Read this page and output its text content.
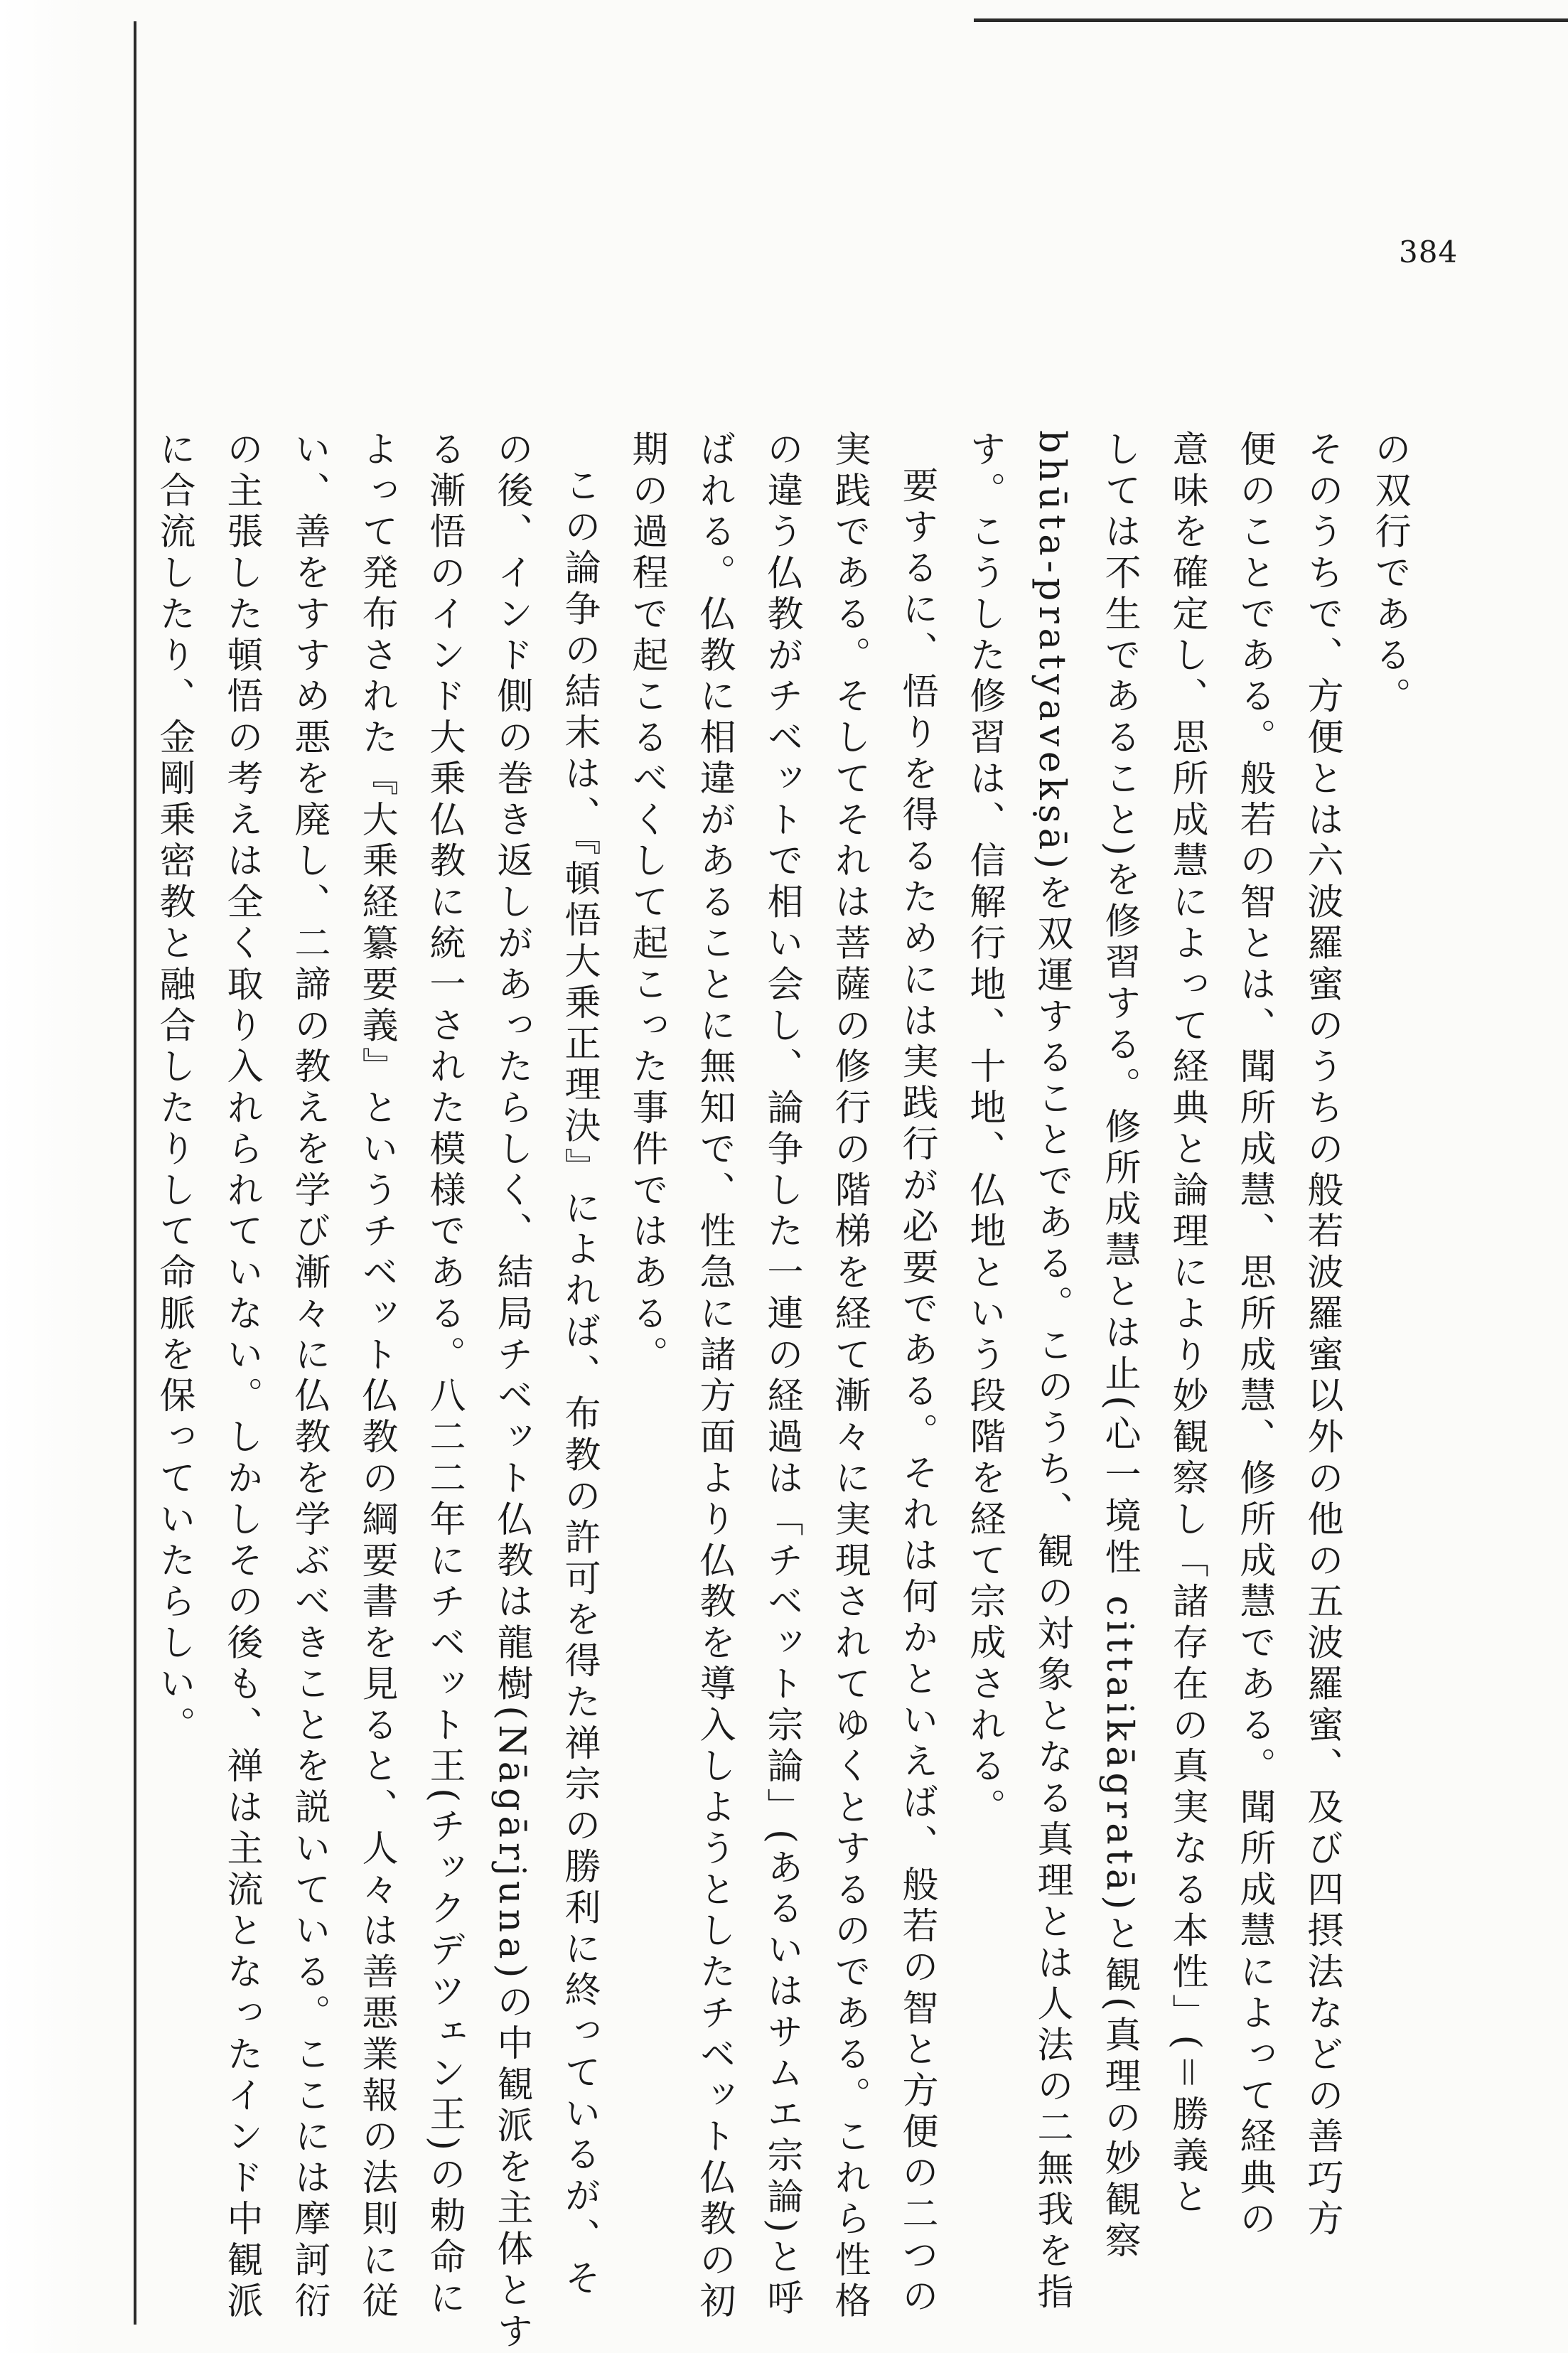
384

の双行である。

そのうちで、方便とは六波羅蜜のうちの般若波羅蜜以外の他の五波羅蜜、及び四摂法などの善巧方

便のことである。般若の智とは、聞所成慧、思所成慧、修所成慧である。聞所成慧によって経典の

意味を確定し、思所成慧によって経典と論理により妙観察し「諸存在の真実なる本性」(＝勝義と

しては不生であること)を修習する。修所成慧とは止(心一境性 cittaikāgratā)と観(真理の妙観察

bhūta-pratyavekṣā)を双運することである。このうち、観の対象となる真理とは人法の二無我を指

す。こうした修習は、信解行地、十地、仏地という段階を経て宗成される。

要するに、悟りを得るためには実践行が必要である。それは何かといえば、般若の智と方便の二つの

実践である。そしてそれは菩薩の修行の階梯を経て漸々に実現されてゆくとするのである。これら性格

の違う仏教がチベットで相い会し、論争した一連の経過は「チベット宗論」(あるいはサムエ宗論)と呼

ばれる。仏教に相違があることに無知で、性急に諸方面より仏教を導入しようとしたチベット仏教の初

期の過程で起こるべくして起こった事件ではある。

この論争の結末は、『頓悟大乗正理決』によれば、布教の許可を得た禅宗の勝利に終っているが、そ

の後、インド側の巻き返しがあったらしく、結局チベット仏教は龍樹(Nāgārjuna)の中観派を主体とす

る漸悟のインド大乗仏教に統一された模様である。八二二年にチベット王(チックデツェン王)の勅命に

よって発布された『大乗経纂要義』というチベット仏教の綱要書を見ると、人々は善悪業報の法則に従

い、善をすすめ悪を廃し、二諦の教えを学び漸々に仏教を学ぶべきことを説いている。ここには摩訶衍

の主張した頓悟の考えは全く取り入れられていない。しかしその後も、禅は主流となったインド中観派

に合流したり、金剛乗密教と融合したりして命脈を保っていたらしい。
